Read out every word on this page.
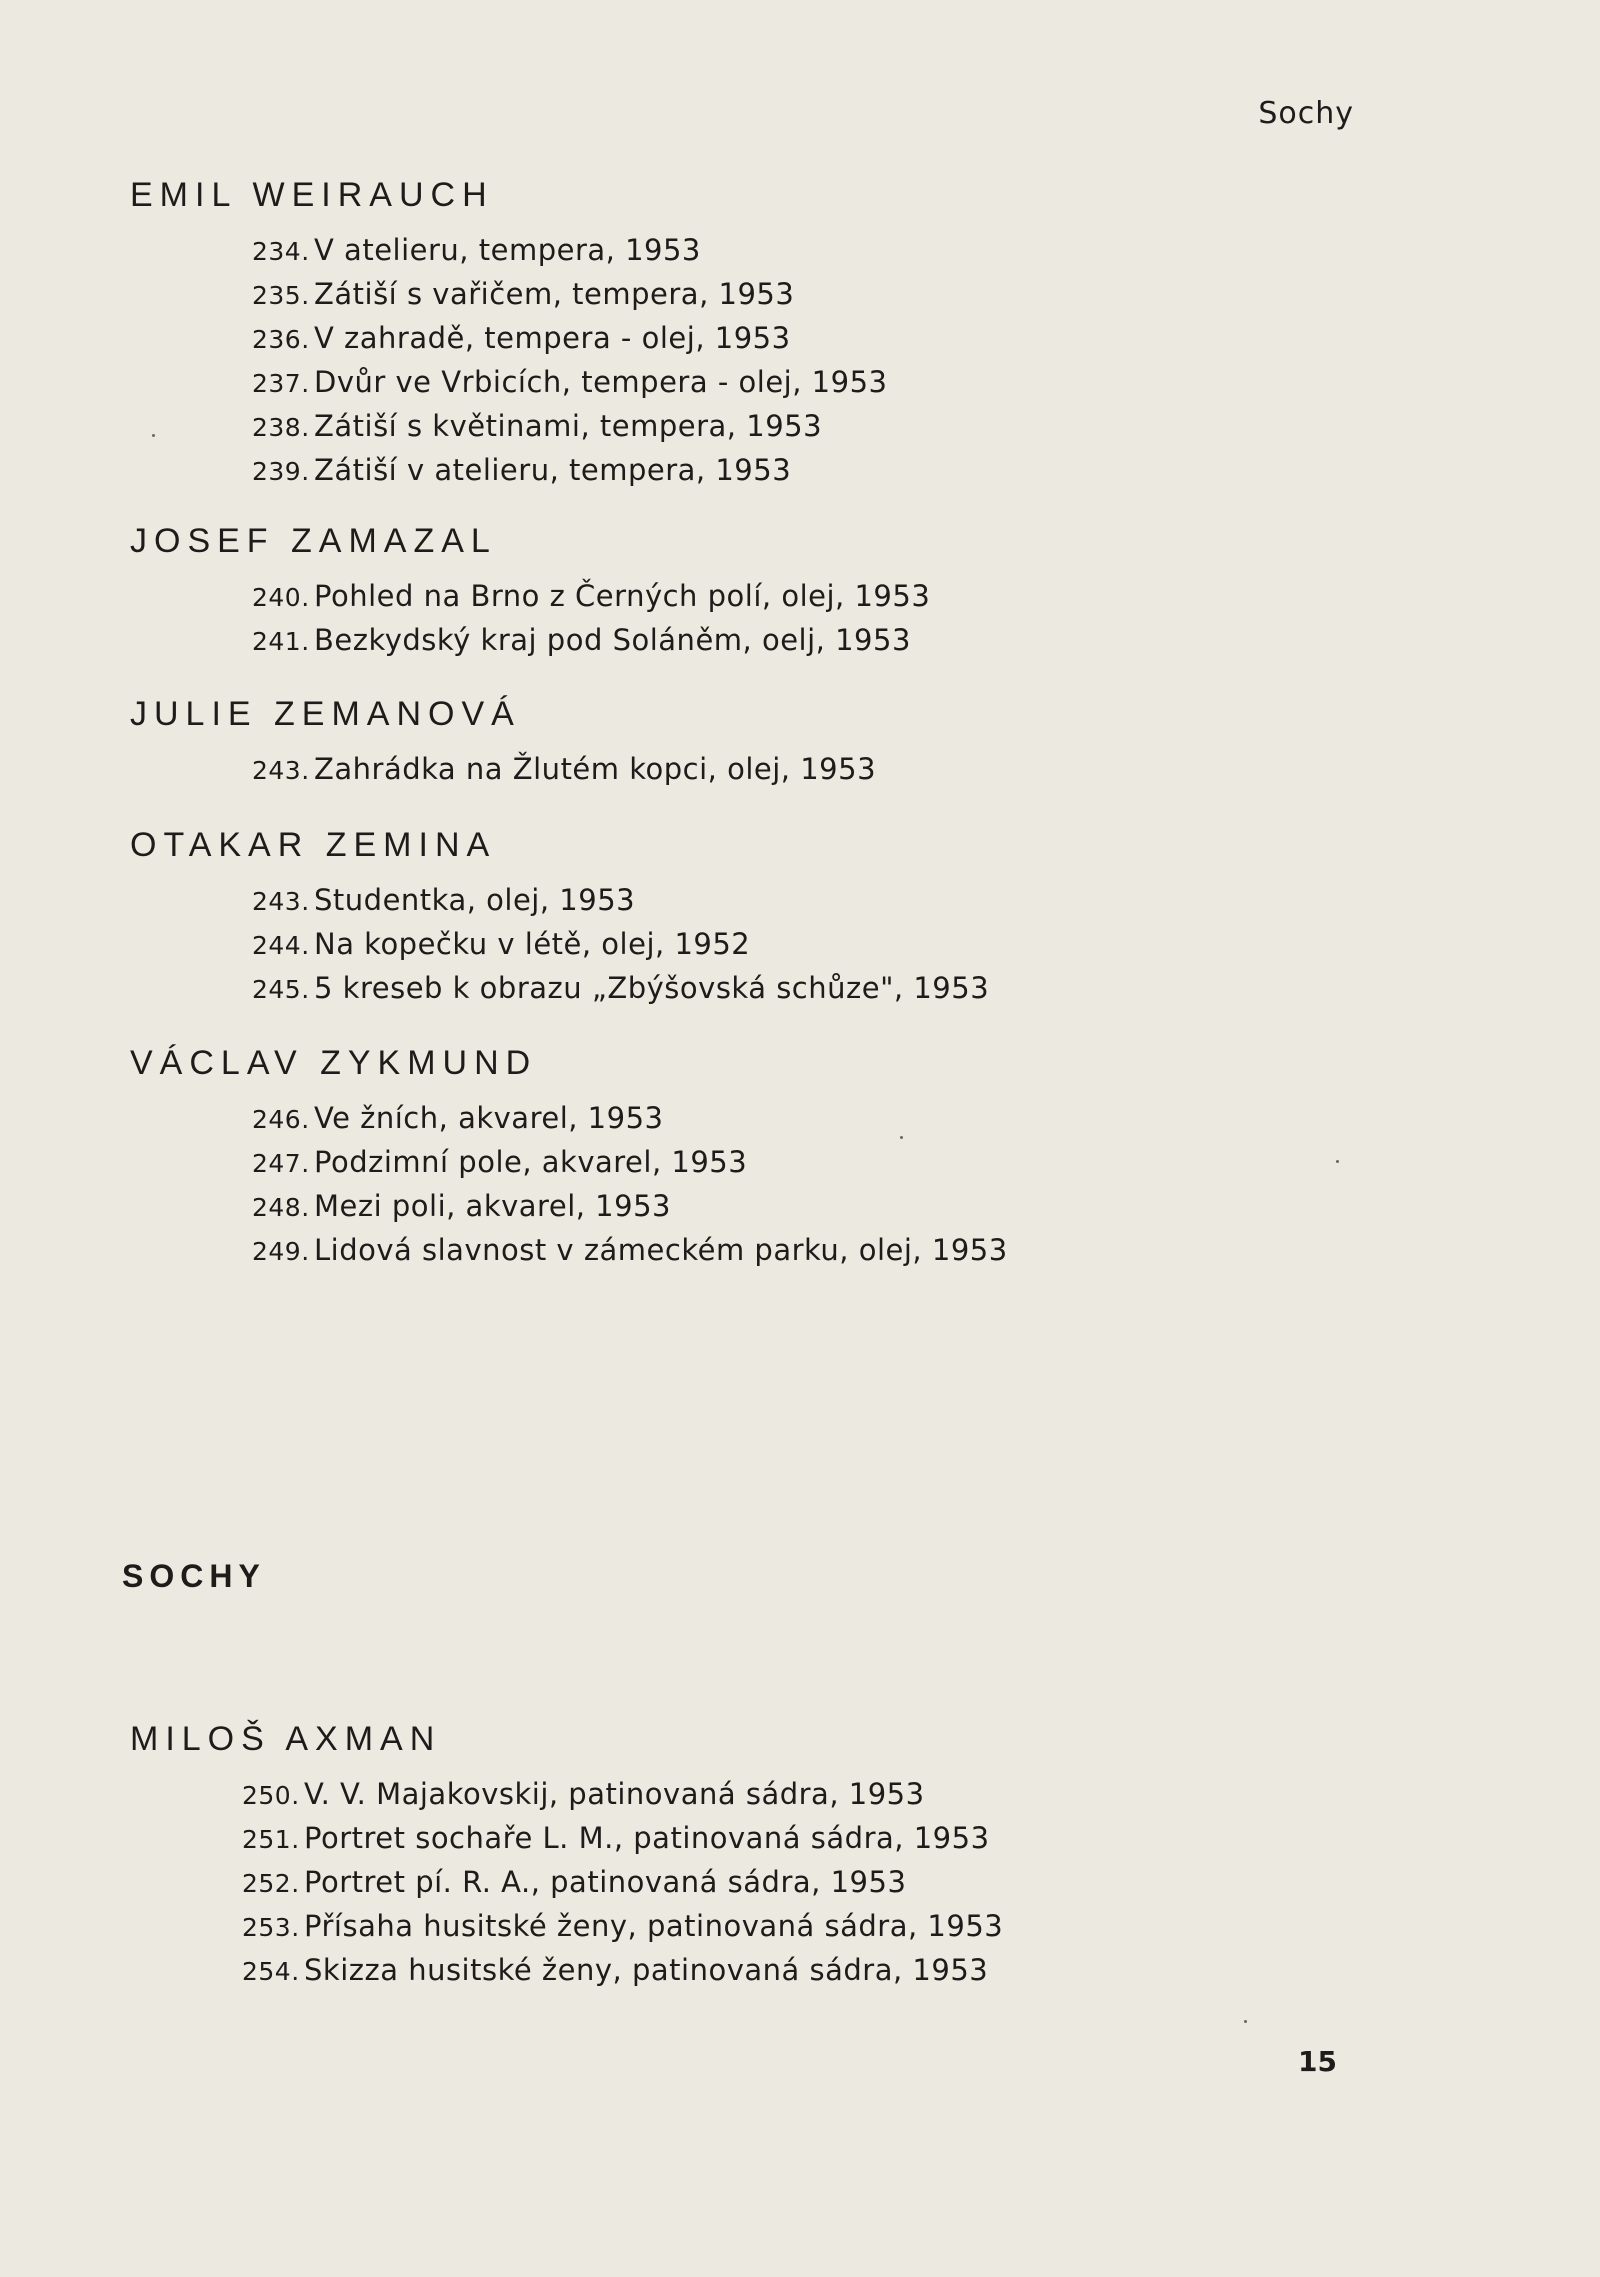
Sochy
EMIL WEIRAUCH
234. V atelieru, tempera, 1953
235. Zátiší s vařičem, tempera, 1953
236. V zahradě, tempera - olej, 1953
237. Dvůr ve Vrbicích, tempera - olej, 1953
238. Zátiší s květinami, tempera, 1953
239. Zátiší v atelieru, tempera, 1953
JOSEF ZAMAZAL
240. Pohled na Brno z Černých polí, olej, 1953
241. Bezkydský kraj pod Soláněm, oelj, 1953
JULIE ZEMANOVÁ
243. Zahrádka na Žlutém kopci, olej, 1953
OTAKAR ZEMINA
243. Studentka, olej, 1953
244. Na kopečku v létě, olej, 1952
245. 5 kreseb k obrazu „Zbýšovská schůze", 1953
VÁCLAV ZYKMUND
246. Ve žních, akvarel, 1953
247. Podzimní pole, akvarel, 1953
248. Mezi poli, akvarel, 1953
249. Lidová slavnost v zámeckém parku, olej, 1953
SOCHY
MILOŠ AXMAN
250. V. V. Majakovskij, patinovaná sádra, 1953
251. Portret sochaře L. M., patinovaná sádra, 1953
252. Portret pí. R. A., patinovaná sádra, 1953
253. Přísaha husitské ženy, patinovaná sádra, 1953
254. Skizza husitské ženy, patinovaná sádra, 1953
15
